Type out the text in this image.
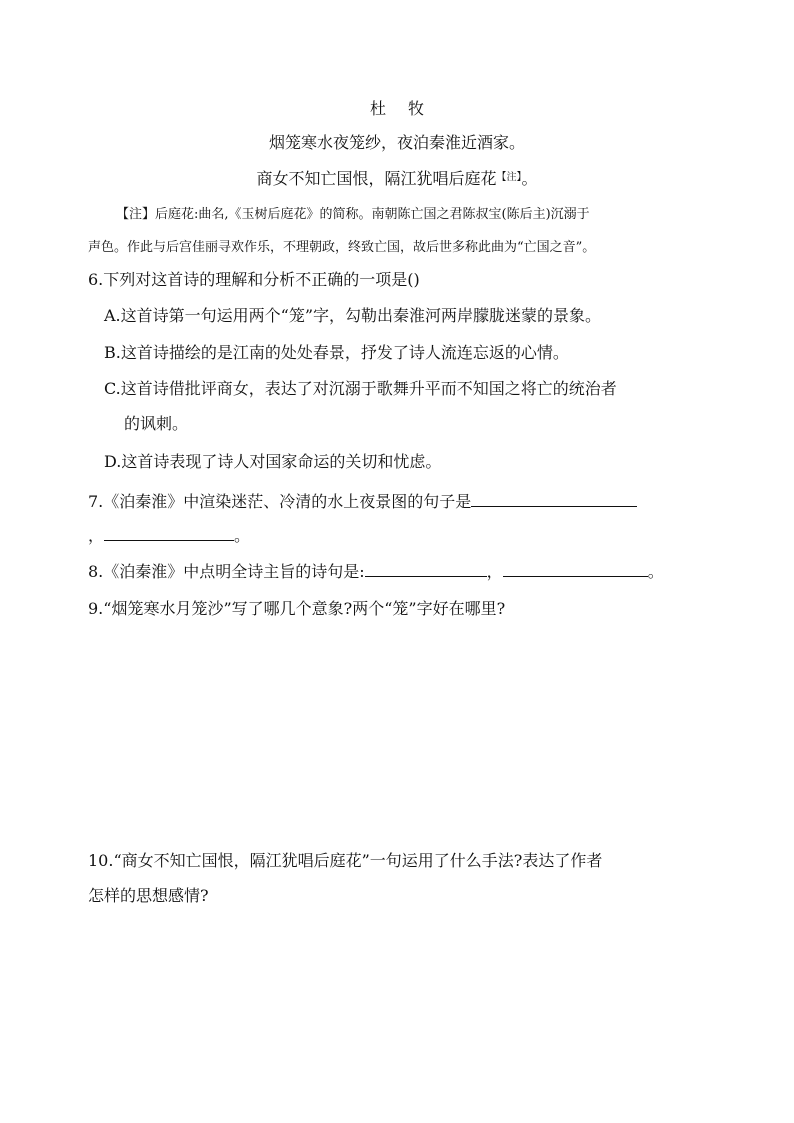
杜 牧
烟笼寒水夜笼纱，夜泊秦淮近酒家。
商女不知亡国恨，隔江犹唱后庭花$^{【注】}$。
【注】后庭花:曲名,《玉树后庭花》的简称。南朝陈亡国之君陈叔宝(陈后主)沉溺于
声色。作此与后宫佳丽寻欢作乐，不理朝政，终致亡国，故后世多称此曲为“亡国之音”。
6.下列对这首诗的理解和分析不正确的一项是()
A.这首诗第一句运用两个“笼”字，勾勒出秦淮河两岸朦胧迷蒙的景象。
B.这首诗描绘的是江南的处处春景，抒发了诗人流连忘返的心情。
C.这首诗借批评商女，表达了对沉溺于歌舞升平而不知国之将亡的统治者
的讽刺。
D.这首诗表现了诗人对国家命运的关切和忧虑。
7.《泊秦淮》中渲染迷茫、冷清的水上夜景图的句子是
，	。
8.《泊秦淮》中点明全诗主旨的诗句是:	，	。
9.“烟笼寒水月笼沙”写了哪几个意象?两个“笼”字好在哪里?
10.“商女不知亡国恨，隔江犹唱后庭花”一句运用了什么手法?表达了作者
怎样的思想感情?
